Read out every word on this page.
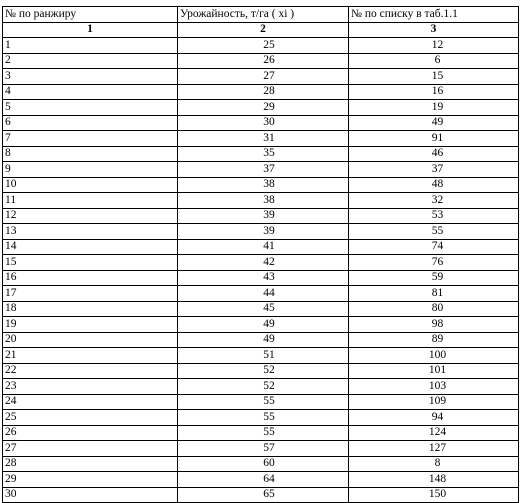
№ по ранжиру	Урожайность, т/га ( xi )	№ по списку в таб.1.1
1	2	3
1	25	12
2	26	6
3	27	15
4	28	16
5	29	19
6	30	49
7	31	91
8	35	46
9	37	37
10	38	48
11	38	32
12	39	53
13	39	55
14	41	74
15	42	76
16	43	59
17	44	81
18	45	80
19	49	98
20	49	89
21	51	100
22	52	101
23	52	103
24	55	109
25	55	94
26	55	124
27	57	127
28	60	8
29	64	148
30	65	150
